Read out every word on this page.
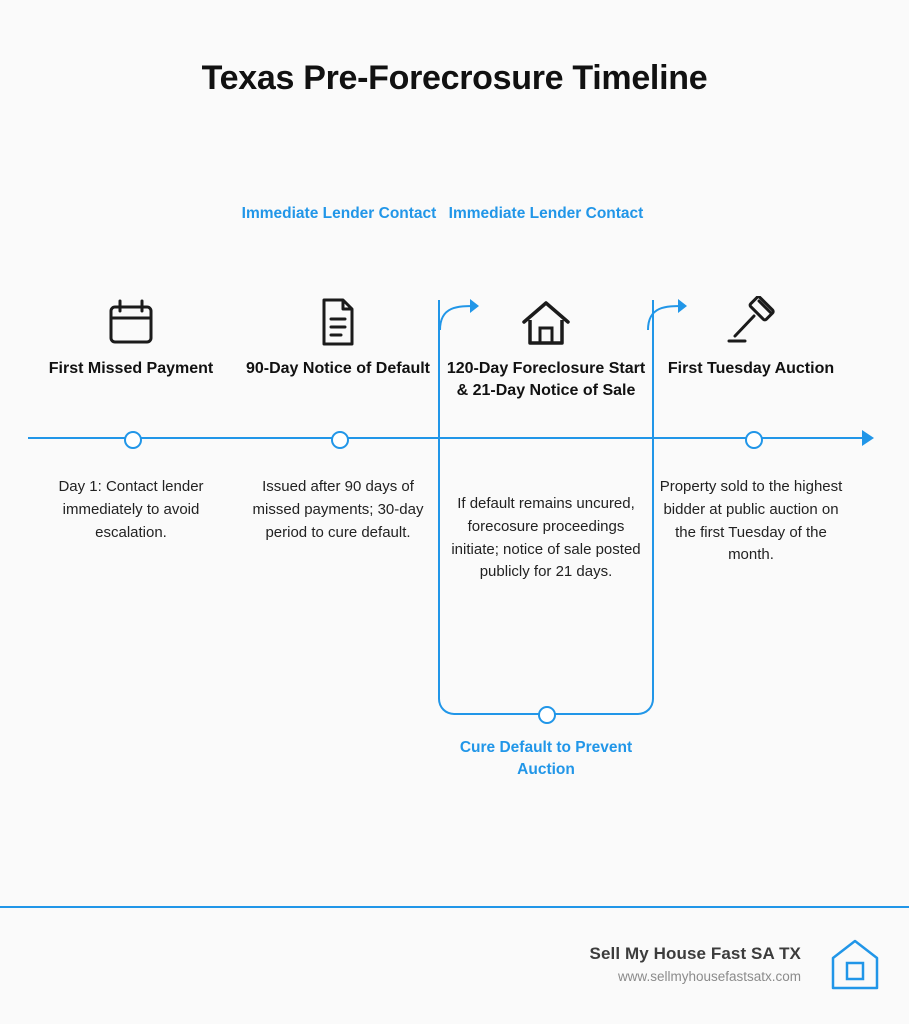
Texas Pre-Forecrosure Timeline
Immediate Lender Contact Immediate Lender Contact
Cure Default to Prevent Auction
First Missed Payment
Day 1: Contact lender immediately to avoid escalation.
90-Day Notice of Default
Issued after 90 days of missed payments; 30-day period to cure default.
120-Day Foreclosure Start & 21-Day Notice of Sale
If default remains uncured, forecosure proceedings initiate; notice of sale posted publicly for 21 days.
First Tuesday Auction
Property sold to the highest bidder at public auction on the first Tuesday of the month.
Sell My House Fast SA TX
www.sellmyhousefastsatx.com
